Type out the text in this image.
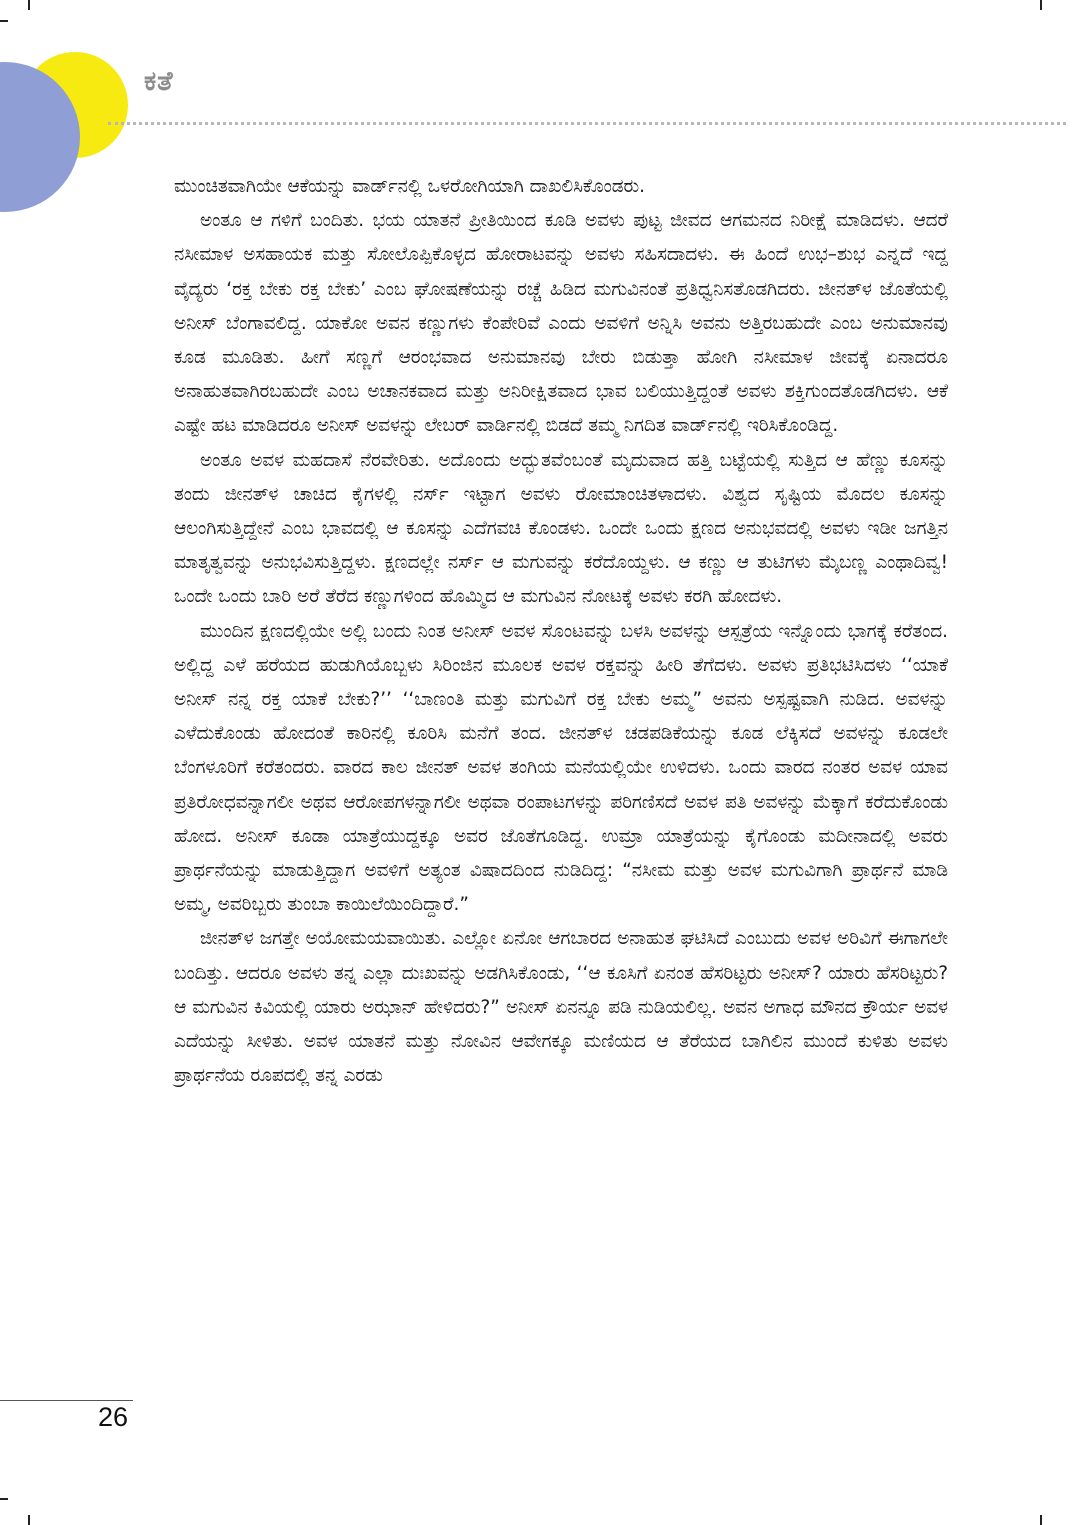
ಕತೆ

ಮುಂಚಿತವಾಗಿಯೇ ಆಕೆಯನ್ನು ವಾರ್ಡ್‌ನಲ್ಲಿ ಒಳರೋಗಿಯಾಗಿ ದಾಖಲಿಸಿಕೊಂಡರು.

ಅಂತೂ ಆ ಗಳಿಗೆ ಬಂದಿತು. ಭಯ ಯಾತನೆ ಪ್ರೀತಿಯಿಂದ ಕೂಡಿ ಅವಳು ಪುಟ್ಟ ಜೀವದ ಆಗಮನದ ನಿರೀಕ್ಷೆ ಮಾಡಿದಳು. ಆದರೆ ನಸೀಮಾಳ ಅಸಹಾಯಕ ಮತ್ತು ಸೋಲೊಪ್ಪಿಕೊಳ್ಳದ ಹೋರಾಟವನ್ನು ಅವಳು ಸಹಿಸದಾದಳು. ಈ ಹಿಂದೆ ಉಭ–ಶುಭ ಎನ್ನದೆ ಇದ್ದ ವೈದ್ಯರು ‘ರಕ್ತ ಬೇಕು ರಕ್ತ ಬೇಕು’ ಎಂಬ ಘೋಷಣೆಯನ್ನು ರಚ್ಚೆ ಹಿಡಿದ ಮಗುವಿನಂತೆ ಪ್ರತಿಧ್ವನಿಸತೊಡಗಿದರು. ಜೀನತ್‌ಳ ಜೊತೆಯಲ್ಲಿ ಅನೀಸ್ ಬೆಂಗಾವಲಿದ್ದ. ಯಾಕೋ ಅವನ ಕಣ್ಣುಗಳು ಕೆಂಪೇರಿವೆ ಎಂದು ಅವಳಿಗೆ ಅನ್ನಿಸಿ ಅವನು ಅತ್ತಿರಬಹುದೇ ಎಂಬ ಅನುಮಾನವು ಕೂಡ ಮೂಡಿತು. ಹೀಗೆ ಸಣ್ಣಗೆ ಆರಂಭವಾದ ಅನುಮಾನವು ಬೇರು ಬಿಡುತ್ತಾ ಹೋಗಿ ನಸೀಮಾಳ ಜೀವಕ್ಕೆ ಏನಾದರೂ ಅನಾಹುತವಾಗಿರಬಹುದೇ ಎಂಬ ಅಚಾನಕವಾದ ಮತ್ತು ಅನಿರೀಕ್ಷಿತವಾದ ಭಾವ ಬಲಿಯುತ್ತಿದ್ದಂತೆ ಅವಳು ಶಕ್ತಿಗುಂದತೊಡಗಿದಳು. ಆಕೆ ಎಷ್ಟೇ ಹಟ ಮಾಡಿದರೂ ಅನೀಸ್ ಅವಳನ್ನು ಲೇಬರ್ ವಾರ್ಡಿನಲ್ಲಿ ಬಿಡದೆ ತಮ್ಮ ನಿಗದಿತ ವಾರ್ಡ್‌ನಲ್ಲಿ ಇರಿಸಿಕೊಂಡಿದ್ದ.

ಅಂತೂ ಅವಳ ಮಹದಾಸೆ ನೆರವೇರಿತು. ಅದೊಂದು ಅದ್ಭುತವೆಂಬಂತೆ ಮೃದುವಾದ ಹತ್ತಿ ಬಟ್ಟೆಯಲ್ಲಿ ಸುತ್ತಿದ ಆ ಹೆಣ್ಣು ಕೂಸನ್ನು ತಂದು ಜೀನತ್‌ಳ ಚಾಚಿದ ಕೈಗಳಲ್ಲಿ ನರ್ಸ್ ಇಟ್ಟಾಗ ಅವಳು ರೋಮಾಂಚಿತಳಾದಳು. ವಿಶ್ವದ ಸೃಷ್ಟಿಯ ಮೊದಲ ಕೂಸನ್ನು ಆಲಂಗಿಸುತ್ತಿದ್ದೇನೆ ಎಂಬ ಭಾವದಲ್ಲಿ ಆ ಕೂಸನ್ನು ಎದೆಗವಚಿ ಕೊಂಡಳು. ಒಂದೇ ಒಂದು ಕ್ಷಣದ ಅನುಭವದಲ್ಲಿ ಅವಳು ಇಡೀ ಜಗತ್ತಿನ ಮಾತೃತ್ವವನ್ನು ಅನುಭವಿಸುತ್ತಿದ್ದಳು. ಕ್ಷಣದಲ್ಲೇ ನರ್ಸ್ ಆ ಮಗುವನ್ನು ಕರೆದೊಯ್ದಳು. ಆ ಕಣ್ಣು ಆ ತುಟಿಗಳು ಮೈಬಣ್ಣ ಎಂಥಾದಿವ್ವ! ಒಂದೇ ಒಂದು ಬಾರಿ ಅರೆ ತೆರೆದ ಕಣ್ಣುಗಳಿಂದ ಹೊಮ್ಮಿದ ಆ ಮಗುವಿನ ನೋಟಕ್ಕೆ ಅವಳು ಕರಗಿ ಹೋದಳು.

ಮುಂದಿನ ಕ್ಷಣದಲ್ಲಿಯೇ ಅಲ್ಲಿ ಬಂದು ನಿಂತ ಅನೀಸ್ ಅವಳ ಸೊಂಟವನ್ನು ಬಳಸಿ ಅವಳನ್ನು ಆಸ್ಪತ್ರೆಯ ಇನ್ನೊಂದು ಭಾಗಕ್ಕೆ ಕರೆತಂದ. ಅಲ್ಲಿದ್ದ ಎಳೆ ಹರೆಯದ ಹುಡುಗಿಯೊಬ್ಬಳು ಸಿರಿಂಜಿನ ಮೂಲಕ ಅವಳ ರಕ್ತವನ್ನು ಹೀರಿ ತೆಗೆದಳು. ಅವಳು ಪ್ರತಿಭಟಿಸಿದಳು ‘‘ಯಾಕೆ ಅನೀಸ್ ನನ್ನ ರಕ್ತ ಯಾಕೆ ಬೇಕು?’’ ‘‘ಬಾಣಂತಿ ಮತ್ತು ಮಗುವಿಗೆ ರಕ್ತ ಬೇಕು ಅಮ್ಮ” ಅವನು ಅಸ್ಪಷ್ಟವಾಗಿ ನುಡಿದ. ಅವಳನ್ನು ಎಳೆದುಕೊಂಡು ಹೋದಂತೆ ಕಾರಿನಲ್ಲಿ ಕೂರಿಸಿ ಮನೆಗೆ ತಂದ. ಜೀನತ್‌ಳ ಚಡಪಡಿಕೆಯನ್ನು ಕೂಡ ಲೆಕ್ಕಿಸದೆ ಅವಳನ್ನು ಕೂಡಲೇ ಬೆಂಗಳೂರಿಗೆ ಕರೆತಂದರು. ವಾರದ ಕಾಲ ಜೀನತ್ ಅವಳ ತಂಗಿಯ ಮನೆಯಲ್ಲಿಯೇ ಉಳಿದಳು. ಒಂದು ವಾರದ ನಂತರ ಅವಳ ಯಾವ ಪ್ರತಿರೋಧವನ್ನಾಗಲೀ ಅಥವ ಆರೋಪಗಳನ್ನಾಗಲೀ ಅಥವಾ ರಂಪಾಟಗಳನ್ನು ಪರಿಗಣಿಸದೆ ಅವಳ ಪತಿ ಅವಳನ್ನು ಮೆಕ್ಕಾಗೆ ಕರೆದುಕೊಂಡು ಹೋದ. ಅನೀಸ್ ಕೂಡಾ ಯಾತ್ರೆಯುದ್ದಕ್ಕೂ ಅವರ ಜೊತೆಗೂಡಿದ್ದ. ಉಮ್ರಾ ಯಾತ್ರೆಯನ್ನು ಕೈಗೊಂಡು ಮದೀನಾದಲ್ಲಿ ಅವರು ಪ್ರಾರ್ಥನೆಯನ್ನು ಮಾಡುತ್ತಿದ್ದಾಗ ಅವಳಿಗೆ ಅತ್ಯಂತ ವಿಷಾದದಿಂದ ನುಡಿದಿದ್ದ: “ನಸೀಮ ಮತ್ತು ಅವಳ ಮಗುವಿಗಾಗಿ ಪ್ರಾರ್ಥನೆ ಮಾಡಿ ಅಮ್ಮ, ಅವರಿಬ್ಬರು ತುಂಬಾ ಕಾಯಿಲೆಯಿಂದಿದ್ದಾರೆ.”

ಜೀನತ್‌ಳ ಜಗತ್ತೇ ಅಯೋಮಯವಾಯಿತು. ಎಲ್ಲೋ ಏನೋ ಆಗಬಾರದ ಅನಾಹುತ ಘಟಿಸಿದೆ ಎಂಬುದು ಅವಳ ಅರಿವಿಗೆ ಈಗಾಗಲೇ ಬಂದಿತ್ತು. ಆದರೂ ಅವಳು ತನ್ನ ಎಲ್ಲಾ ದುಃಖವನ್ನು ಅಡಗಿಸಿಕೊಂಡು, ‘‘ಆ ಕೂಸಿಗೆ ಏನಂತ ಹೆಸರಿಟ್ಟರು ಅನೀಸ್? ಯಾರು ಹೆಸರಿಟ್ಟರು? ಆ ಮಗುವಿನ ಕಿವಿಯಲ್ಲಿ ಯಾರು ಅಝಾನ್ ಹೇಳಿದರು?” ಅನೀಸ್ ಏನನ್ನೂ ಪಡಿ ನುಡಿಯಲಿಲ್ಲ. ಅವನ ಅಗಾಧ ಮೌನದ ಕ್ರೌರ್ಯ ಅವಳ ಎದೆಯನ್ನು ಸೀಳಿತು. ಅವಳ ಯಾತನೆ ಮತ್ತು ನೋವಿನ ಆವೇಗಕ್ಕೂ ಮಣಿಯದ ಆ ತೆರೆಯದ ಬಾಗಿಲಿನ ಮುಂದೆ ಕುಳಿತು ಅವಳು ಪ್ರಾರ್ಥನೆಯ ರೂಪದಲ್ಲಿ ತನ್ನ ಎರಡು

26
